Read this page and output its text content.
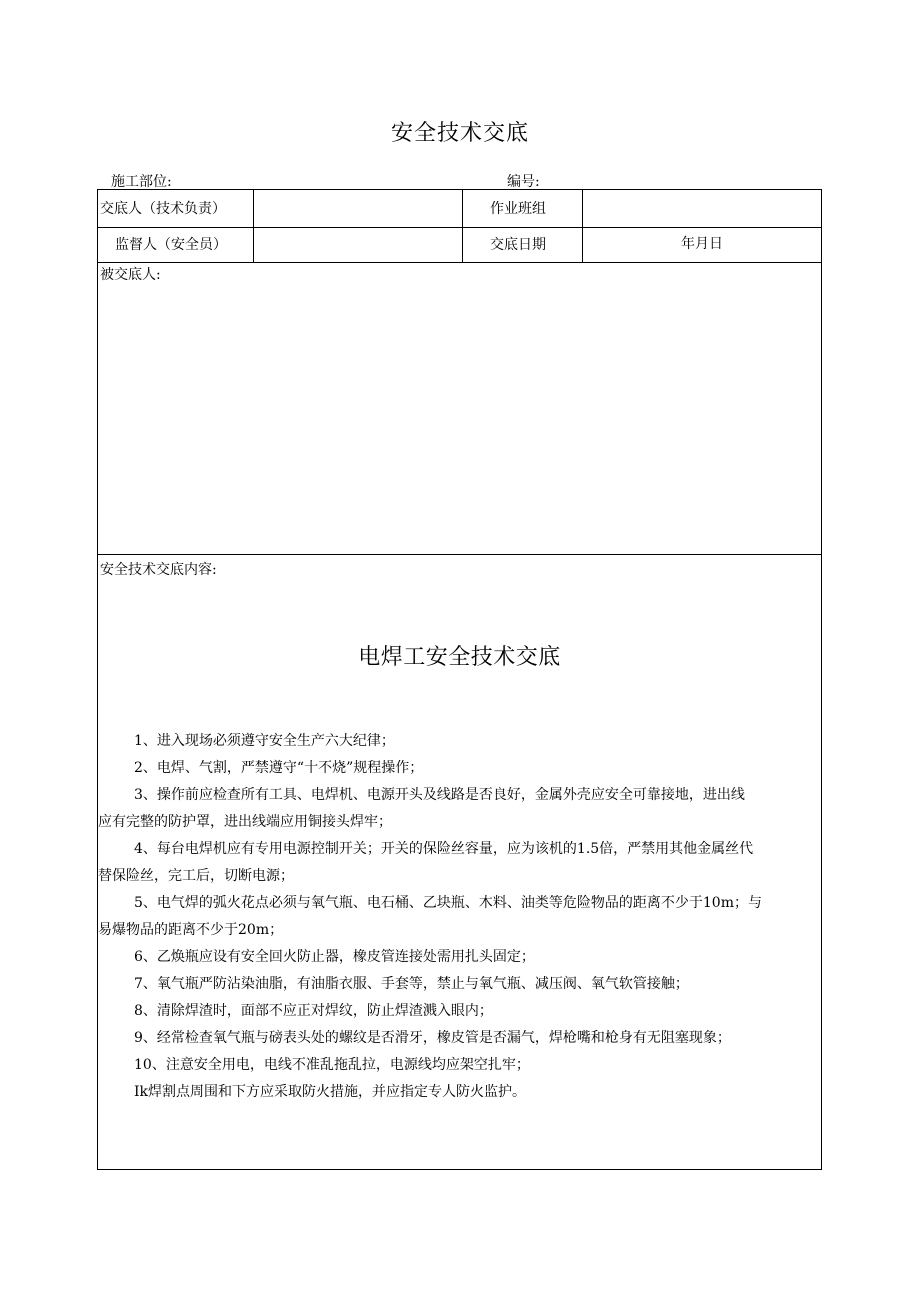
安全技术交底
施工部位:	编号:
交底人（技术负责）	作业班组
监督人（安全员）	交底日期	年月日
被交底人:
安全技术交底内容:
电焊工安全技术交底
1、进入现场必须遵守安全生产六大纪律；
2、电焊、气割，严禁遵守“十不烧”规程操作；
3、操作前应检查所有工具、电焊机、电源开头及线路是否良好，金属外壳应安全可靠接地，进出线
应有完整的防护罩，进出线端应用铜接头焊牢；
4、每台电焊机应有专用电源控制开关；开关的保险丝容量，应为该机的1.5倍，严禁用其他金属丝代
替保险丝，完工后，切断电源；
5、电气焊的弧火花点必须与氧气瓶、电石桶、乙块瓶、木料、油类等危险物品的距离不少于10m；与
易爆物品的距离不少于20m；
6、乙焕瓶应设有安全回火防止器，橡皮管连接处需用扎头固定；
7、氧气瓶严防沾染油脂，有油脂衣服、手套等，禁止与氧气瓶、减压阀、氧气软管接触；
8、清除焊渣时，面部不应正对焊纹，防止焊渣溅入眼内；
9、经常检查氧气瓶与磅表头处的螺纹是否滑牙，橡皮管是否漏气，焊枪嘴和枪身有无阻塞现象；
10、注意安全用电，电线不准乱拖乱拉，电源线均应架空扎牢；
Ik焊割点周围和下方应采取防火措施，并应指定专人防火监护。
